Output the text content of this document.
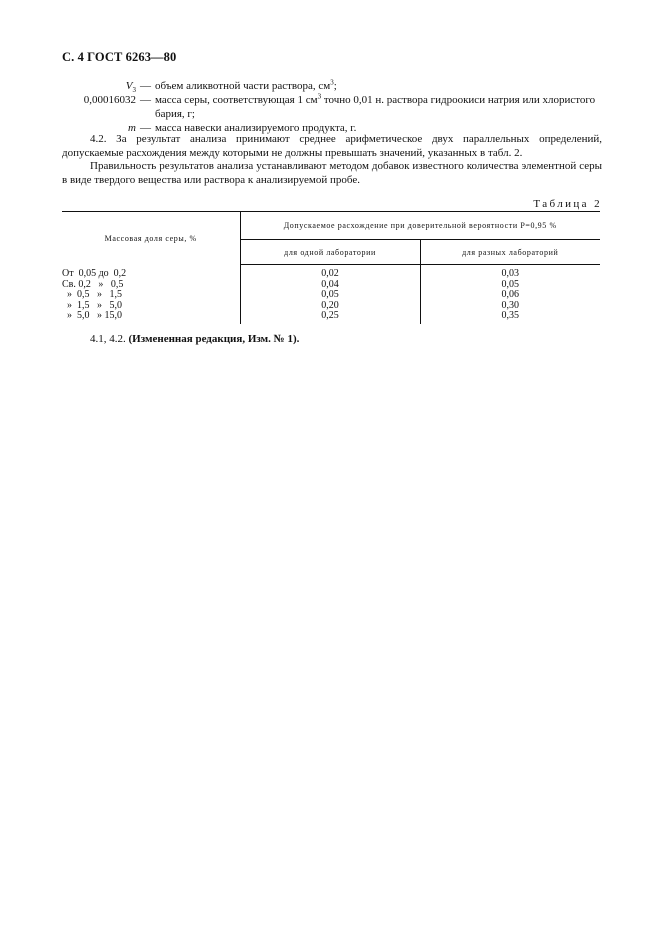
С. 4 ГОСТ 6263—80
$V_3$ — объем аликвотной части раствора, $см^3$;
0,00016032 — масса серы, соответствующая 1 $см^3$ точно 0,01 н. раствора гидроокиси натрия или хлористого бария, г;
m — масса навески анализируемого продукта, г.

4.2. За результат анализа принимают среднее арифметическое двух параллельных определений, допускаемые расхождения между которыми не должны превышать значений, указанных в табл. 2.

Правильность результатов анализа устанавливают методом добавок известного количества элементной серы в виде твердого вещества или раствора к анализируемой пробе.

Таблица 2
Массовая доля серы, %	Допускаемое расхождение при доверительной вероятности P=0,95 %	
	для одной лаборатории	для разных лабораторий
От  0,05 до  0,2	0,02	0,03
Св. 0,2   »   0,5	0,04	0,05
»  0,5   »   1,5	0,05	0,06
»  1,5   »   5,0	0,20	0,30
»  5,0   » 15,0	0,25	0,35
4.1, 4.2. (Измененная редакция, Изм. № 1).
